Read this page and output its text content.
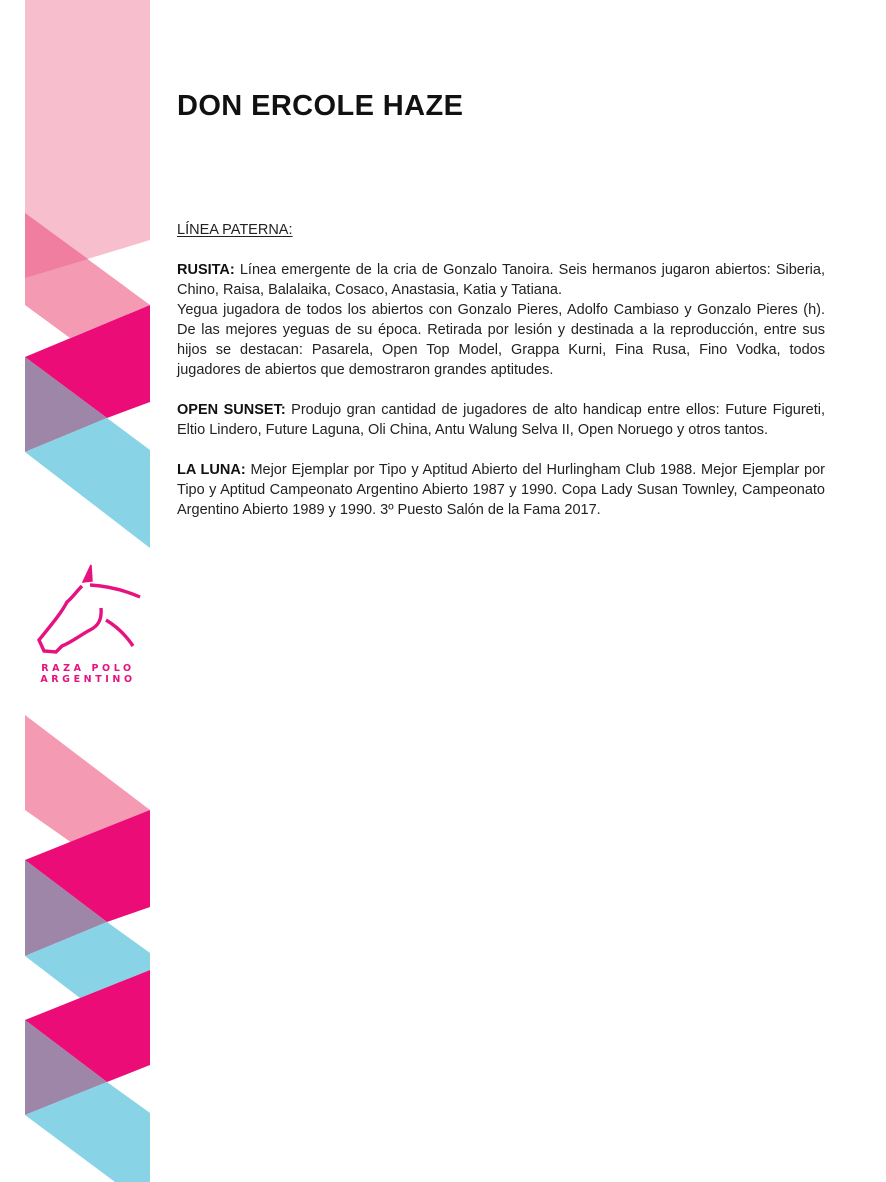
RAZA POLO
ARGENTINO
DON ERCOLE HAZE
LÍNEA PATERNA:
RUSITA: Línea emergente de la cria de Gonzalo Tanoira. Seis hermanos jugaron abiertos: Siberia, Chino, Raisa, Balalaika, Cosaco, Anastasia, Katia y Tatiana.
Yegua jugadora de todos los abiertos con Gonzalo Pieres, Adolfo Cambiaso y Gonzalo Pieres (h). De las mejores yeguas de su época. Retirada por lesión y destinada a la reproducción, entre sus hijos se destacan: Pasarela, Open Top Model, Grappa Kurni, Fina Rusa, Fino Vodka, todos jugadores de abiertos que demostraron grandes aptitudes.
OPEN SUNSET: Produjo gran cantidad de jugadores de alto handicap entre ellos: Future Figureti, Eltio Lindero, Future Laguna, Oli China, Antu Walung Selva II, Open Noruego y otros tantos.
LA LUNA: Mejor Ejemplar por Tipo y Aptitud Abierto del Hurlingham Club 1988. Mejor Ejemplar por Tipo y Aptitud Campeonato Argentino Abierto 1987 y 1990. Copa Lady Susan Townley, Campeonato Argentino Abierto 1989 y 1990. 3º Puesto Salón de la Fama 2017.
